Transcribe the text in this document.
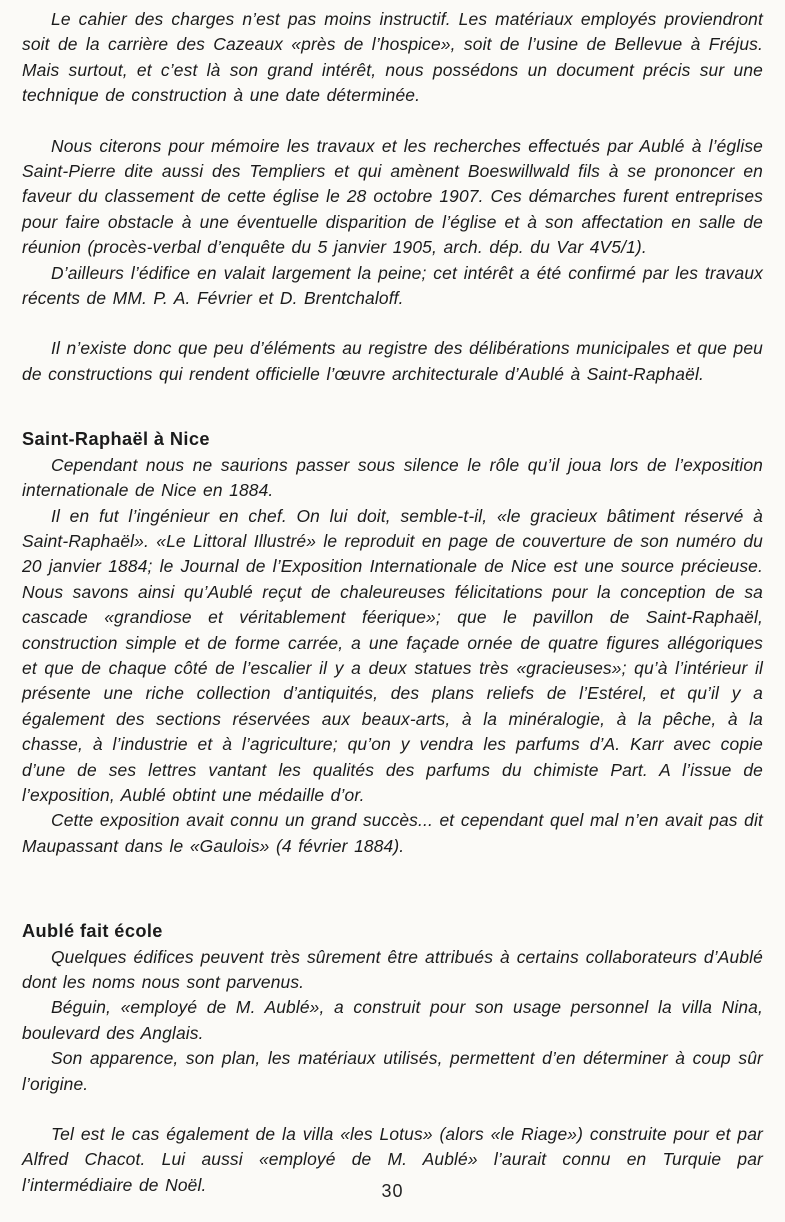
Le cahier des charges n’est pas moins instructif. Les matériaux employés proviendront soit de la carrière des Cazeaux «près de l’hospice», soit de l’usine de Bellevue à Fréjus. Mais surtout, et c’est là son grand intérêt, nous possédons un document précis sur une technique de construction à une date déterminée.

Nous citerons pour mémoire les travaux et les recherches effectués par Aublé à l’église Saint-Pierre dite aussi des Templiers et qui amènent Boeswillwald fils à se prononcer en faveur du classement de cette église le 28 octobre 1907. Ces démarches furent entreprises pour faire obstacle à une éventuelle disparition de l’église et à son affectation en salle de réunion (procès-verbal d’enquête du 5 janvier 1905, arch. dép. du Var 4V5/1).

D’ailleurs l’édifice en valait largement la peine; cet intérêt a été confirmé par les travaux récents de MM. P. A. Février et D. Brentchaloff.

Il n’existe donc que peu d’éléments au registre des délibérations municipales et que peu de constructions qui rendent officielle l’œuvre architecturale d’Aublé à Saint-Raphaël.

Saint-Raphaël à Nice

Cependant nous ne saurions passer sous silence le rôle qu’il joua lors de l’exposition internationale de Nice en 1884.

Il en fut l’ingénieur en chef. On lui doit, semble-t-il, «le gracieux bâtiment réservé à Saint-Raphaël». «Le Littoral Illustré» le reproduit en page de couverture de son numéro du 20 janvier 1884; le Journal de l’Exposition Internationale de Nice est une source précieuse. Nous savons ainsi qu’Aublé reçut de chaleureuses félicitations pour la conception de sa cascade «grandiose et véritablement féerique»; que le pavillon de Saint-Raphaël, construction simple et de forme carrée, a une façade ornée de quatre figures allégoriques et que de chaque côté de l’escalier il y a deux statues très «gracieuses»; qu’à l’intérieur il présente une riche collection d’antiquités, des plans reliefs de l’Estérel, et qu’il y a également des sections réservées aux beaux-arts, à la minéralogie, à la pêche, à la chasse, à l’industrie et à l’agriculture; qu’on y vendra les parfums d’A. Karr avec copie d’une de ses lettres vantant les qualités des parfums du chimiste Part. A l’issue de l’exposition, Aublé obtint une médaille d’or.

Cette exposition avait connu un grand succès... et cependant quel mal n’en avait pas dit Maupassant dans le «Gaulois» (4 février 1884).

Aublé fait école

Quelques édifices peuvent très sûrement être attribués à certains collaborateurs d’Aublé dont les noms nous sont parvenus.

Béguin, «employé de M. Aublé», a construit pour son usage personnel la villa Nina, boulevard des Anglais.

Son apparence, son plan, les matériaux utilisés, permettent d’en déterminer à coup sûr l’origine.

Tel est le cas également de la villa «les Lotus» (alors «le Riage») construite pour et par Alfred Chacot. Lui aussi «employé de M. Aublé» l’aurait connu en Turquie par l’intermédiaire de Noël.	30
